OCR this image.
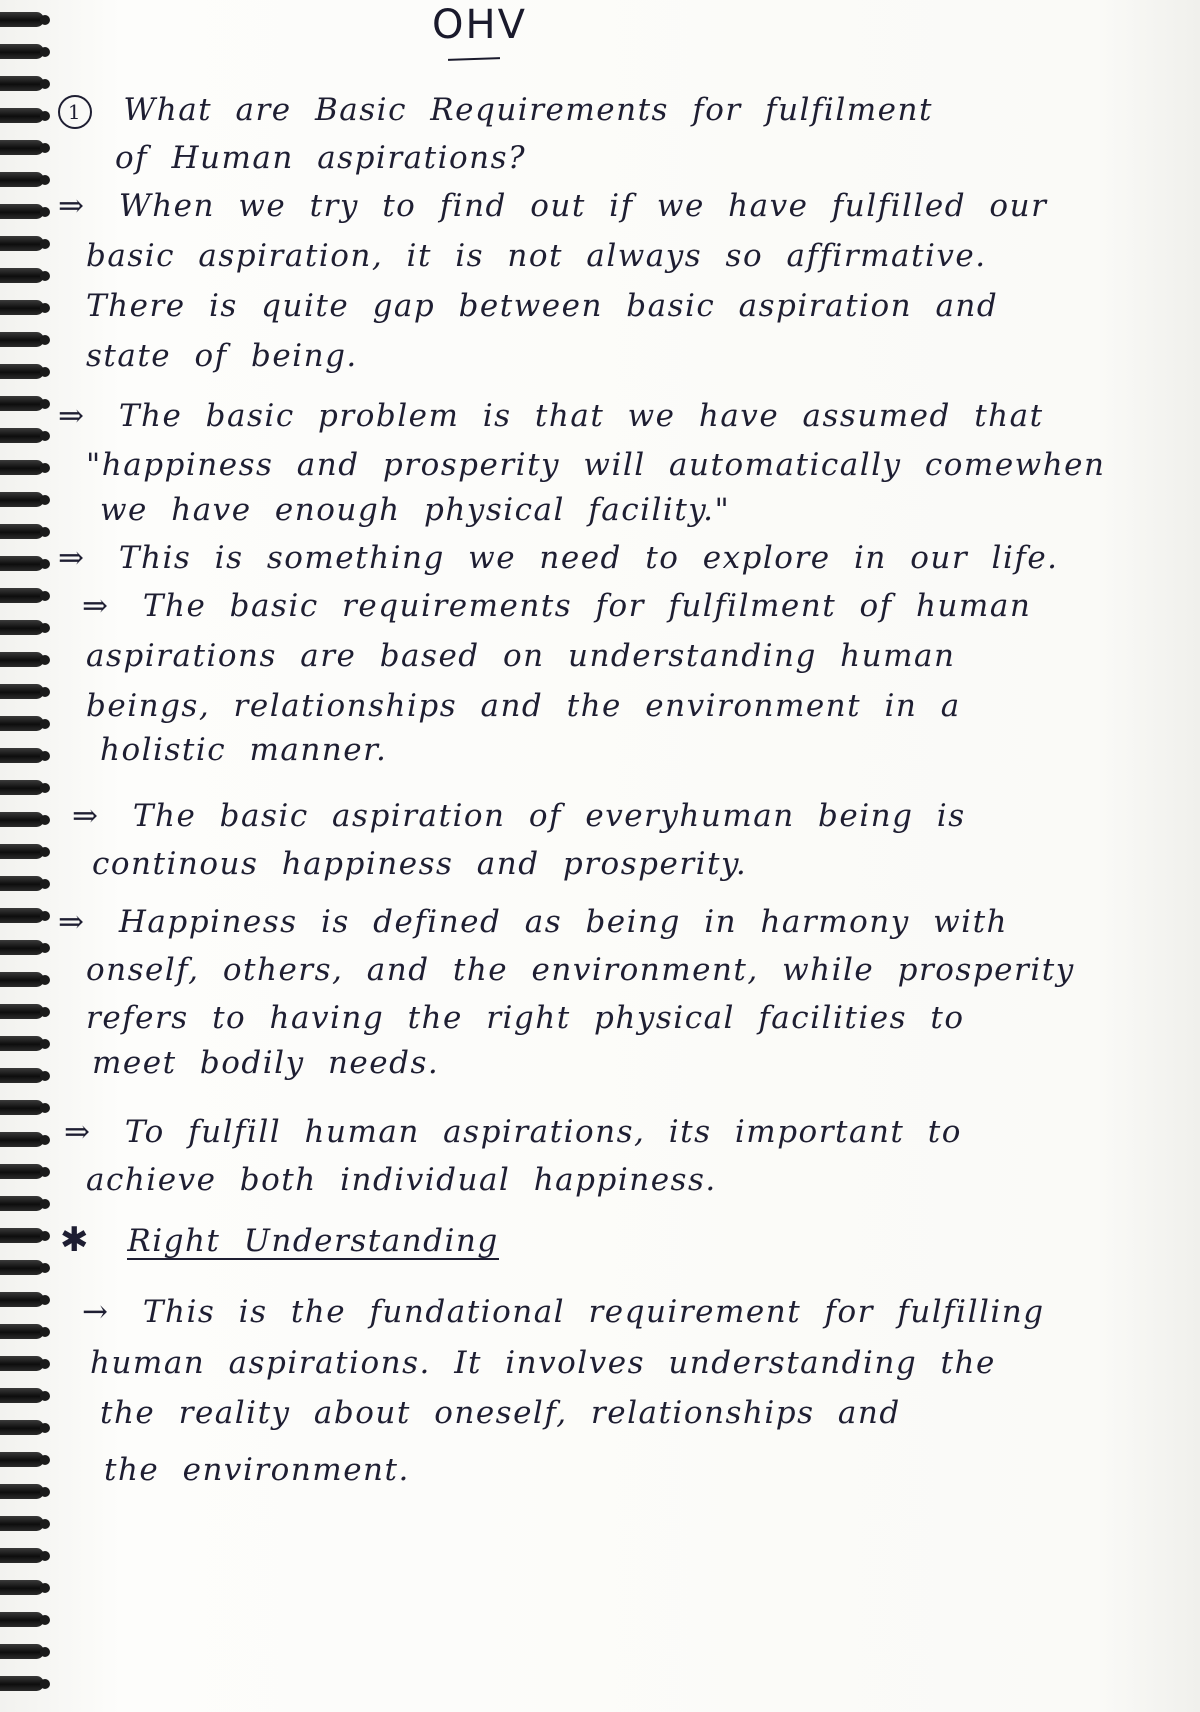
OHV
1 What are Basic Requirements for fulfilment
of Human aspirations?
⇒ When we try to find out if we have fulfilled our
basic aspiration, it is not always so affirmative.
There is quite gap between basic aspiration and
state of being.
⇒ The basic problem is that we have assumed that
"happiness and prosperity will automatically comewhen
we have enough physical facility."
⇒ This is something we need to explore in our life.
⇒ The basic requirements for fulfilment of human
aspirations are based on understanding human
beings, relationships and the environment in a
holistic manner.
⇒ The basic aspiration of everyhuman being is
continous happiness and prosperity.
⇒ Happiness is defined as being in harmony with
onself, others, and the environment, while prosperity
refers to having the right physical facilities to
meet bodily needs.
⇒ To fulfill human aspirations, its important to
achieve both individual happiness.
✱ Right Understanding
→ This is the fundational requirement for fulfilling
human aspirations. It involves understanding the
the reality about oneself, relationships and
the environment.
